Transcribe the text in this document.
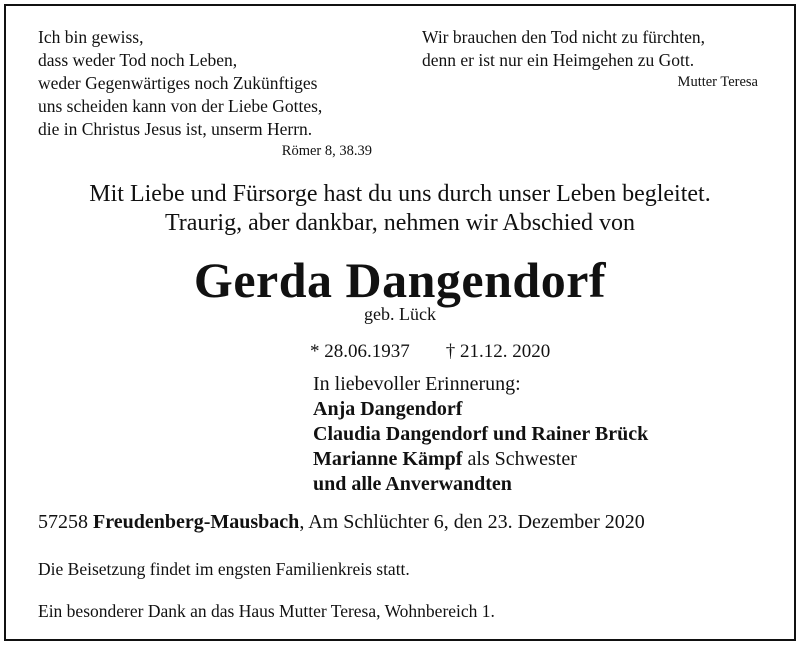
Ich bin gewiss,
dass weder Tod noch Leben,
weder Gegenwärtiges noch Zukünftiges
uns scheiden kann von der Liebe Gottes,
die in Christus Jesus ist, unserm Herrn.
Römer 8, 38.39
Wir brauchen den Tod nicht zu fürchten,
denn er ist nur ein Heimgehen zu Gott.
Mutter Teresa

Mit Liebe und Fürsorge hast du uns durch unser Leben begleitet.

Traurig, aber dankbar, nehmen wir Abschied von

Gerda Dangendorf
geb. Lück
* 28.06.1937 † 21.12. 2020
In liebevoller Erinnerung:
Anja Dangendorf
Claudia Dangendorf und Rainer Brück
Marianne Kämpf als Schwester
und alle Anverwandten
57258 Freudenberg-Mausbach, Am Schlüchter 6, den 23. Dezember 2020
Die Beisetzung findet im engsten Familienkreis statt.
Ein besonderer Dank an das Haus Mutter Teresa, Wohnbereich 1.
